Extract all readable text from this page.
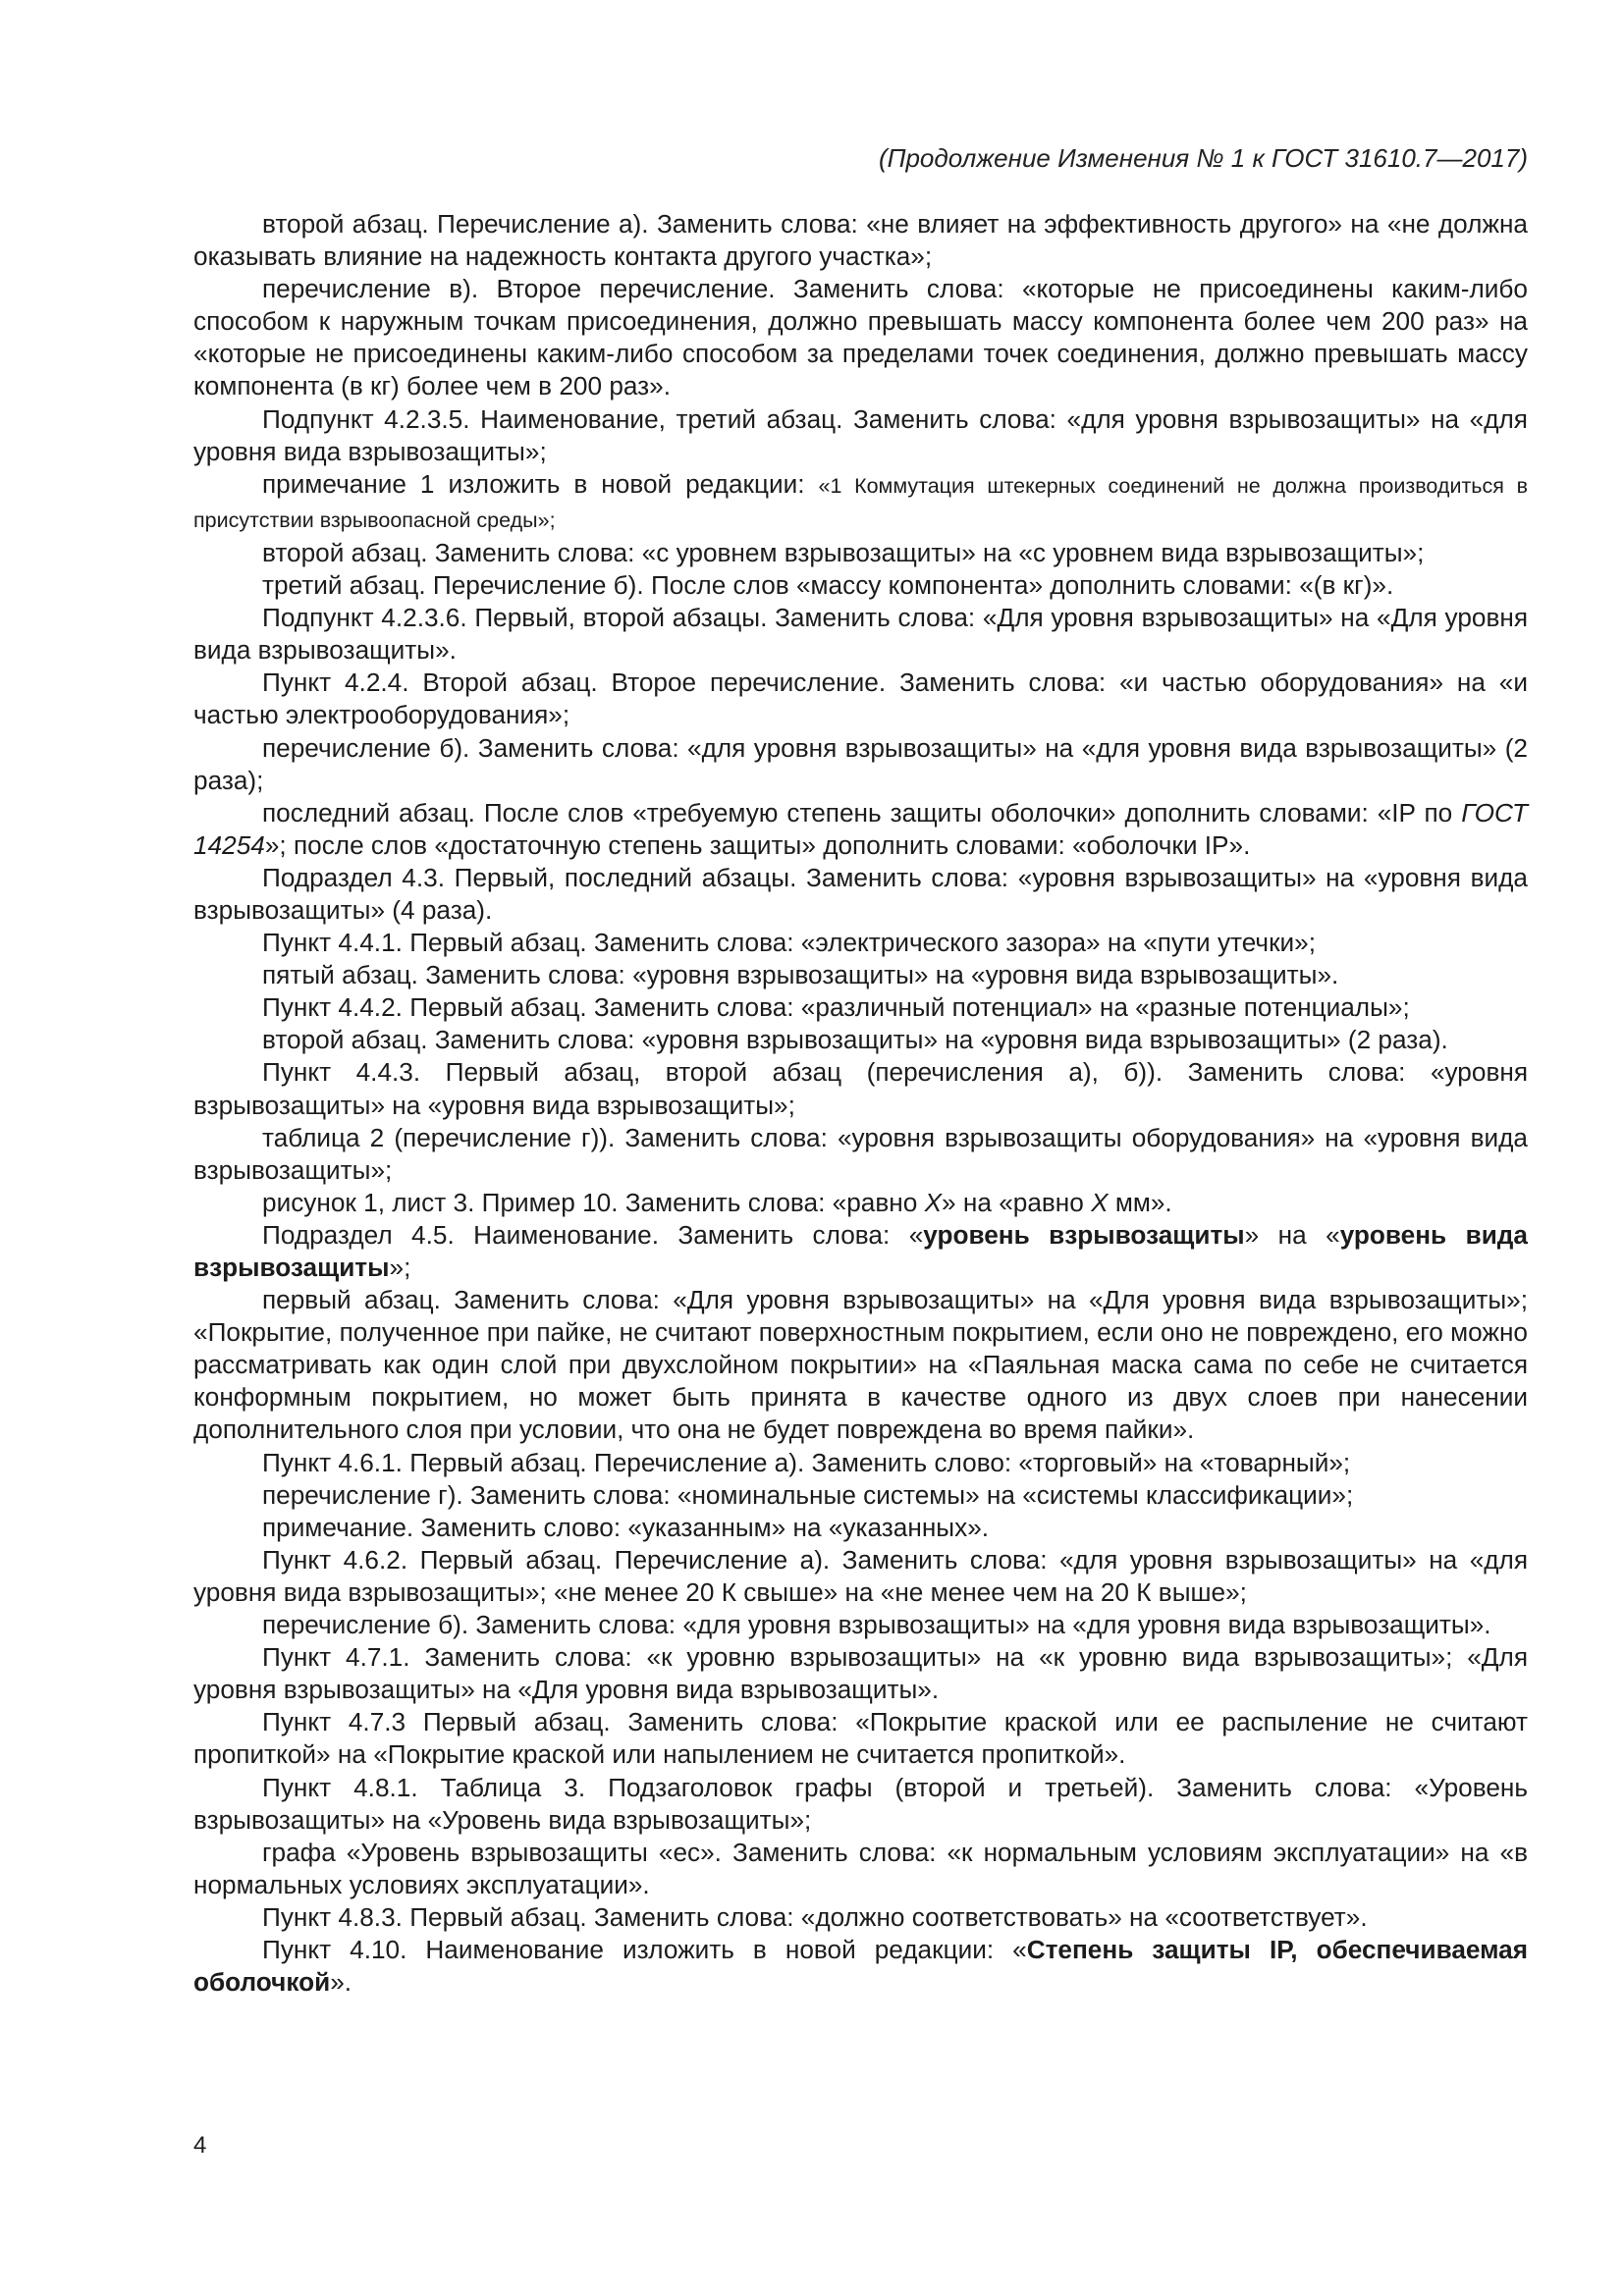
(Продолжение Изменения № 1 к ГОСТ 31610.7—2017)

второй абзац. Перечисление а). Заменить слова: «не влияет на эффективность другого» на «не должна оказывать влияние на надежность контакта другого участка»;

перечисление в). Второе перечисление. Заменить слова: «которые не присоединены каким-либо способом к наружным точкам присоединения, должно превышать массу компонента более чем 200 раз» на «которые не присоединены каким-либо способом за пределами точек соединения, должно превышать массу компонента (в кг) более чем в 200 раз».

Подпункт 4.2.3.5. Наименование, третий абзац. Заменить слова: «для уровня взрывозащиты» на «для уровня вида взрывозащиты»;

примечание 1 изложить в новой редакции: «1 Коммутация штекерных соединений не должна производиться в присутствии взрывоопасной среды»;

второй абзац. Заменить слова: «с уровнем взрывозащиты» на «с уровнем вида взрывозащиты»;

третий абзац. Перечисление б). После слов «массу компонента» дополнить словами: «(в кг)».

Подпункт 4.2.3.6. Первый, второй абзацы. Заменить слова: «Для уровня взрывозащиты» на «Для уровня вида взрывозащиты».

Пункт 4.2.4. Второй абзац. Второе перечисление. Заменить слова: «и частью оборудования» на «и частью электрооборудования»;

перечисление б). Заменить слова: «для уровня взрывозащиты» на «для уровня вида взрывозащиты» (2 раза);

последний абзац. После слов «требуемую степень защиты оболочки» дополнить словами: «IP по ГОСТ 14254»; после слов «достаточную степень защиты» дополнить словами: «оболочки IP».

Подраздел 4.3. Первый, последний абзацы. Заменить слова: «уровня взрывозащиты» на «уровня вида взрывозащиты» (4 раза).

Пункт 4.4.1. Первый абзац. Заменить слова: «электрического зазора» на «пути утечки»;

пятый абзац. Заменить слова: «уровня взрывозащиты» на «уровня вида взрывозащиты».

Пункт 4.4.2. Первый абзац. Заменить слова: «различный потенциал» на «разные потенциалы»;

второй абзац. Заменить слова: «уровня взрывозащиты» на «уровня вида взрывозащиты» (2 раза).

Пункт 4.4.3. Первый абзац, второй абзац (перечисления а), б)). Заменить слова: «уровня взрывозащиты» на «уровня вида взрывозащиты»;

таблица 2 (перечисление г)). Заменить слова: «уровня взрывозащиты оборудования» на «уровня вида взрывозащиты»;

рисунок 1, лист 3. Пример 10. Заменить слова: «равно X» на «равно X мм».

Подраздел 4.5. Наименование. Заменить слова: «уровень взрывозащиты» на «уровень вида взрывозащиты»;

первый абзац. Заменить слова: «Для уровня взрывозащиты» на «Для уровня вида взрывозащиты»; «Покрытие, полученное при пайке, не считают поверхностным покрытием, если оно не повреждено, его можно рассматривать как один слой при двухслойном покрытии» на «Паяльная маска сама по себе не считается конформным покрытием, но может быть принята в качестве одного из двух слоев при нанесении дополнительного слоя при условии, что она не будет повреждена во время пайки».

Пункт 4.6.1. Первый абзац. Перечисление а). Заменить слово: «торговый» на «товарный»;

перечисление г). Заменить слова: «номинальные системы» на «системы классификации»;

примечание. Заменить слово: «указанным» на «указанных».

Пункт 4.6.2. Первый абзац. Перечисление а). Заменить слова: «для уровня взрывозащиты» на «для уровня вида взрывозащиты»; «не менее 20 К свыше» на «не менее чем на 20 К выше»;

перечисление б). Заменить слова: «для уровня взрывозащиты» на «для уровня вида взрывозащиты».

Пункт 4.7.1. Заменить слова: «к уровню взрывозащиты» на «к уровню вида взрывозащиты»; «Для уровня взрывозащиты» на «Для уровня вида взрывозащиты».

Пункт 4.7.3 Первый абзац. Заменить слова: «Покрытие краской или ее распыление не считают пропиткой» на «Покрытие краской или напылением не считается пропиткой».

Пункт 4.8.1. Таблица 3. Подзаголовок графы (второй и третьей). Заменить слова: «Уровень взрывозащиты» на «Уровень вида взрывозащиты»;

графа «Уровень взрывозащиты «ес». Заменить слова: «к нормальным условиям эксплуатации» на «в нормальных условиях эксплуатации».

Пункт 4.8.3. Первый абзац. Заменить слова: «должно соответствовать» на «соответствует».

Пункт 4.10. Наименование изложить в новой редакции: «Степень защиты IP, обеспечиваемая оболочкой».

4
